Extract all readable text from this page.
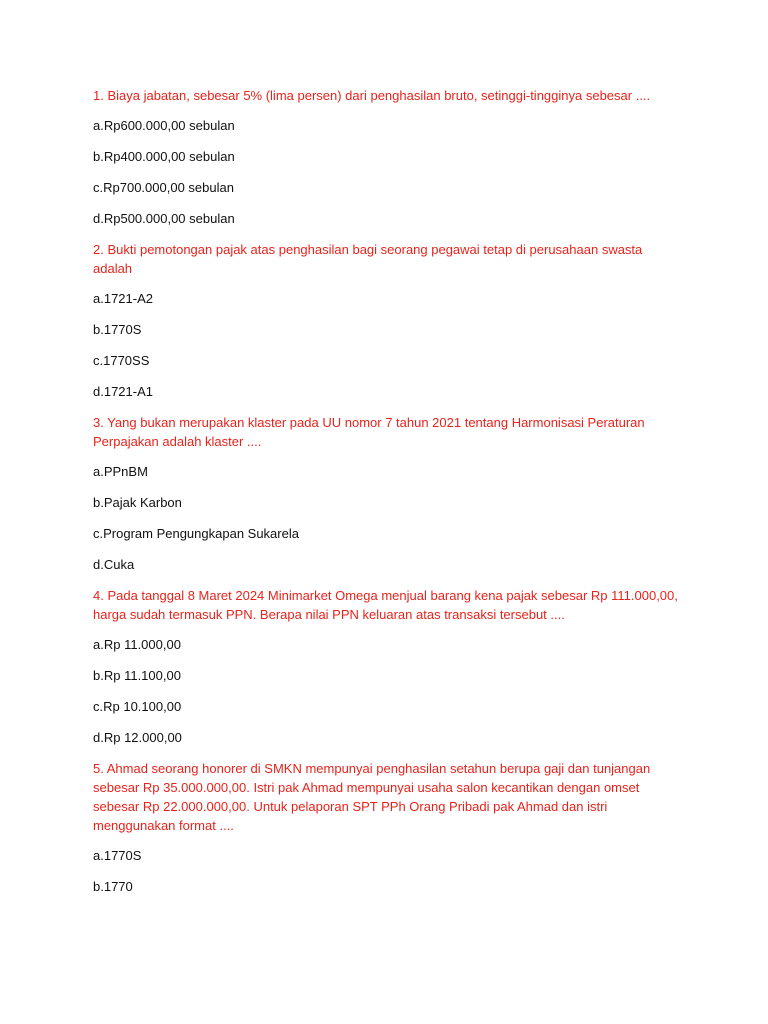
1. Biaya jabatan, sebesar 5% (lima persen) dari penghasilan bruto, setinggi-tingginya sebesar ....

a.Rp600.000,00 sebulan

b.Rp400.000,00 sebulan

c.Rp700.000,00 sebulan

d.Rp500.000,00 sebulan

2. Bukti pemotongan pajak atas penghasilan bagi seorang pegawai tetap di perusahaan swasta adalah

a.1721-A2

b.1770S

c.1770SS

d.1721-A1

3. Yang bukan merupakan klaster pada UU nomor 7 tahun 2021 tentang Harmonisasi Peraturan Perpajakan adalah klaster ....

a.PPnBM

b.Pajak Karbon

c.Program Pengungkapan Sukarela

d.Cuka

4. Pada tanggal 8 Maret 2024 Minimarket Omega menjual barang kena pajak sebesar Rp 111.000,00, harga sudah termasuk PPN. Berapa nilai PPN keluaran atas transaksi tersebut ....

a.Rp 11.000,00

b.Rp 11.100,00

c.Rp 10.100,00

d.Rp 12.000,00

5. Ahmad seorang honorer di SMKN mempunyai penghasilan setahun berupa gaji dan tunjangan sebesar Rp 35.000.000,00. Istri pak Ahmad mempunyai usaha salon kecantikan dengan omset sebesar Rp 22.000.000,00. Untuk pelaporan SPT PPh Orang Pribadi pak Ahmad dan istri menggunakan format ....

a.1770S

b.1770
